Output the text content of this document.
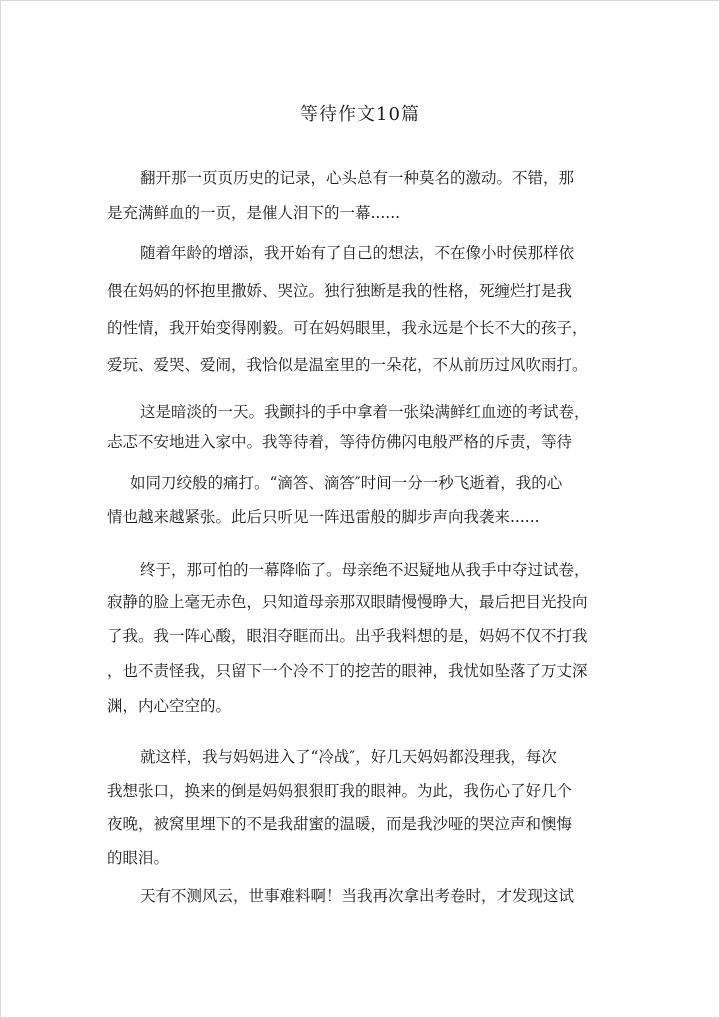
等待作文10篇
翻开那一页页历史的记录，心头总有一种莫名的激动。不错，那
是充满鲜血的一页，是催人泪下的一幕......
随着年龄的增添，我开始有了自己的想法，不在像小时侯那样依
偎在妈妈的怀抱里撒娇、哭泣。独行独断是我的性格，死缠烂打是我
的性情，我开始变得刚毅。可在妈妈眼里，我永远是个长不大的孩子，
爱玩、爱哭、爱闹，我恰似是温室里的一朵花，不从前历过风吹雨打。
这是暗淡的一天。我颤抖的手中拿着一张染满鲜红血迹的考试卷，
忐忑不安地进入家中。我等待着，等待仿佛闪电般严格的斥责，等待
如同刀绞般的痛打。“滴答、滴答″时间一分一秒飞逝着，我的心
情也越来越紧张。此后只听见一阵迅雷般的脚步声向我袭来......
终于，那可怕的一幕降临了。母亲绝不迟疑地从我手中夺过试卷，
寂静的脸上毫无赤色，只知道母亲那双眼睛慢慢睁大，最后把目光投向
了我。我一阵心酸，眼泪夺眶而出。出乎我料想的是，妈妈不仅不打我
，也不责怪我，只留下一个冷不丁的挖苦的眼神，我忧如坠落了万丈深
渊，内心空空的。
就这样，我与妈妈进入了“冷战″，好几天妈妈都没理我，每次
我想张口，换来的倒是妈妈狠狠盯我的眼神。为此，我伤心了好几个
夜晚，被窝里埋下的不是我甜蜜的温暖，而是我沙哑的哭泣声和懊悔
的眼泪。
天有不测风云，世事难料啊！当我再次拿出考卷时，才发现这试
